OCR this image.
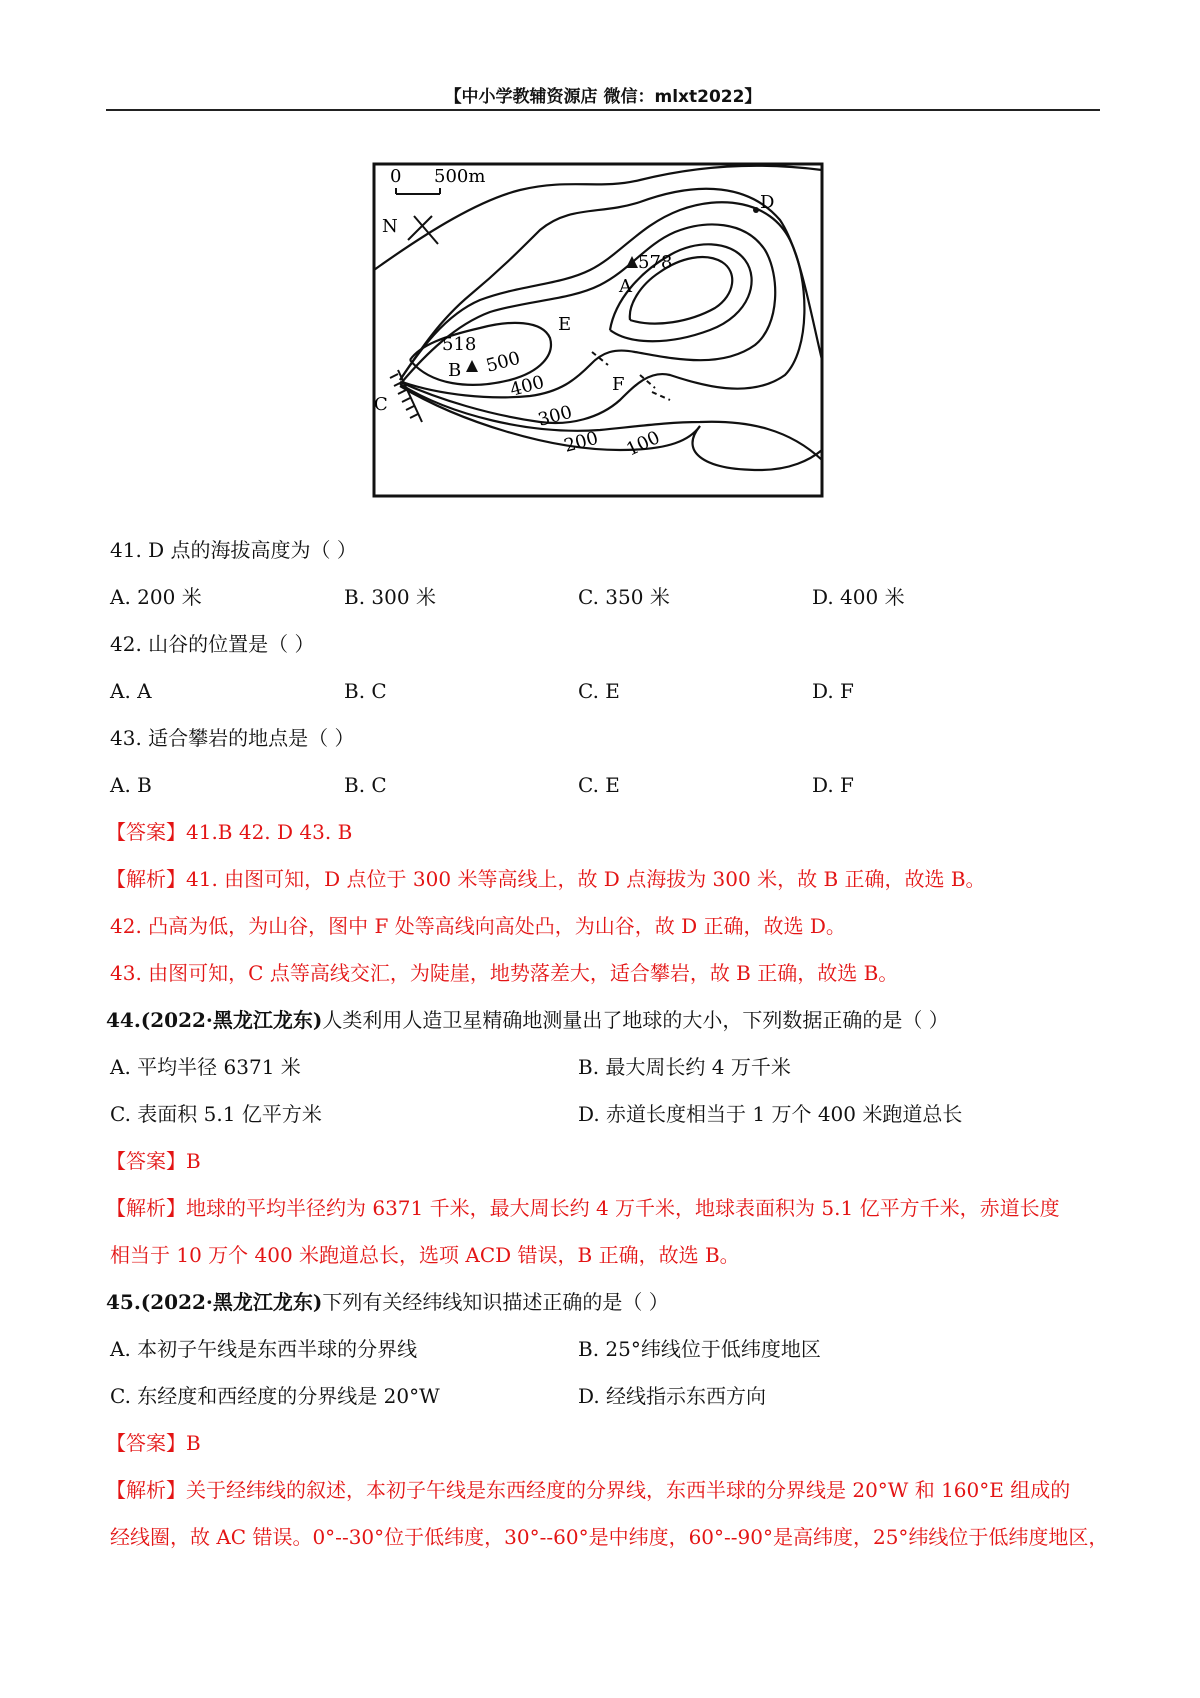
【中小学教辅资源店 微信：mlxt2022】
0 500m
N
578
A
518
B
C
D
E
F
500
400
300
200 100
41. D 点的海拔高度为（ ）
A. 200 米	B. 300 米	C. 350 米	D. 400 米
42. 山谷的位置是（ ）
A. A	B. C	C. E	D. F
43. 适合攀岩的地点是（ ）
A. B	B. C	C. E	D. F
【答案】41.B 42. D 43. B
【解析】41. 由图可知，D 点位于 300 米等高线上，故 D 点海拔为 300 米，故 B 正确，故选 B。
42. 凸高为低，为山谷，图中 F 处等高线向高处凸，为山谷，故 D 正确，故选 D。
43. 由图可知，C 点等高线交汇，为陡崖，地势落差大，适合攀岩，故 B 正确，故选 B。
44.(2022·黑龙江龙东)人类利用人造卫星精确地测量出了地球的大小，下列数据正确的是（ ）
A. 平均半径 6371 米	B. 最大周长约 4 万千米
C. 表面积 5.1 亿平方米	D. 赤道长度相当于 1 万个 400 米跑道总长
【答案】B
【解析】地球的平均半径约为 6371 千米，最大周长约 4 万千米，地球表面积为 5.1 亿平方千米，赤道长度
相当于 10 万个 400 米跑道总长，选项 ACD 错误，B 正确，故选 B。
45.(2022·黑龙江龙东)下列有关经纬线知识描述正确的是（ ）
A. 本初子午线是东西半球的分界线	B. 25°纬线位于低纬度地区
C. 东经度和西经度的分界线是 20°W	D. 经线指示东西方向
【答案】B
【解析】关于经纬线的叙述，本初子午线是东西经度的分界线，东西半球的分界线是 20°W 和 160°E 组成的
经线圈，故 AC 错误。0°--30°位于低纬度，30°--60°是中纬度，60°--90°是高纬度，25°纬线位于低纬度地区，
